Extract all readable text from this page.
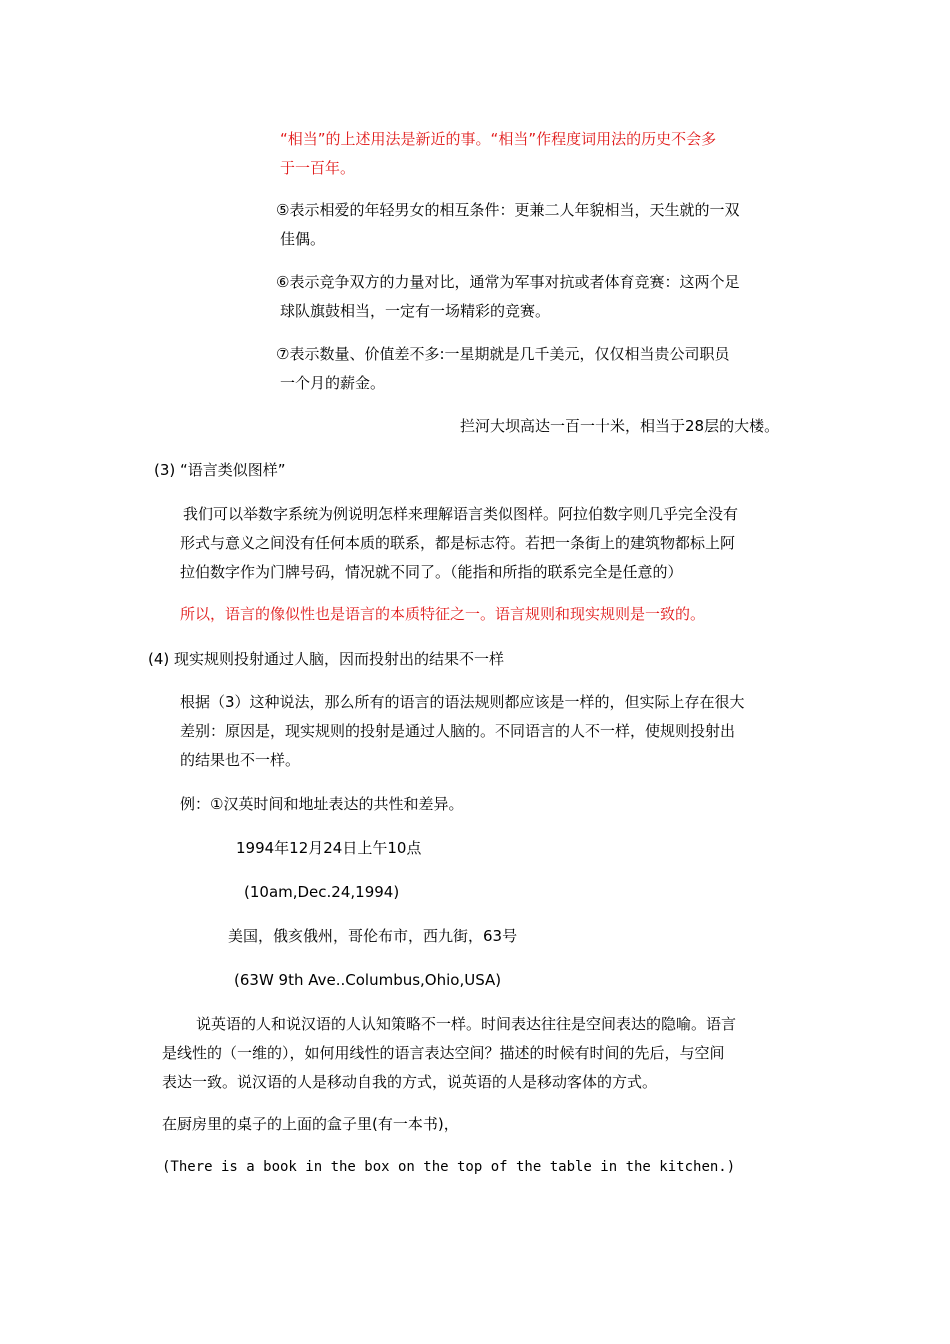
“相当”的上述用法是新近的事。“相当”作程度词用法的历史不会多
于一百年。
⑤表示相爱的年轻男女的相互条件：更兼二人年貌相当，天生就的一双
佳偶。
⑥表示竞争双方的力量对比，通常为军事对抗或者体育竞赛：这两个足
球队旗鼓相当，一定有一场精彩的竞赛。
⑦表示数量、价值差不多:一星期就是几千美元，仅仅相当贵公司职员
一个月的薪金。
拦河大坝高达一百一十米，相当于28层的大楼。
(3) “语言类似图样”
我们可以举数字系统为例说明怎样来理解语言类似图样。阿拉伯数字则几乎完全没有
形式与意义之间没有任何本质的联系，都是标志符。若把一条街上的建筑物都标上阿
拉伯数字作为门牌号码，情况就不同了。（能指和所指的联系完全是任意的）
所以，语言的像似性也是语言的本质特征之一。语言规则和现实规则是一致的。
(4) 现实规则投射通过人脑，因而投射出的结果不一样
根据（3）这种说法，那么所有的语言的语法规则都应该是一样的，但实际上存在很大
差别：原因是，现实规则的投射是通过人脑的。不同语言的人不一样，使规则投射出
的结果也不一样。
例：①汉英时间和地址表达的共性和差异。
1994年12月24日上午10点
(10am,Dec.24,1994)
美国，俄亥俄州，哥伦布市，西九街，63号
(63W 9th Ave..Columbus,Ohio,USA)
说英语的人和说汉语的人认知策略不一样。时间表达往往是空间表达的隐喻。语言
是线性的（一维的），如何用线性的语言表达空间？描述的时候有时间的先后，与空间
表达一致。说汉语的人是移动自我的方式，说英语的人是移动客体的方式。
在厨房里的桌子的上面的盒子里(有一本书)，
(There is a book in the box on the top of the table in the kitchen.)
